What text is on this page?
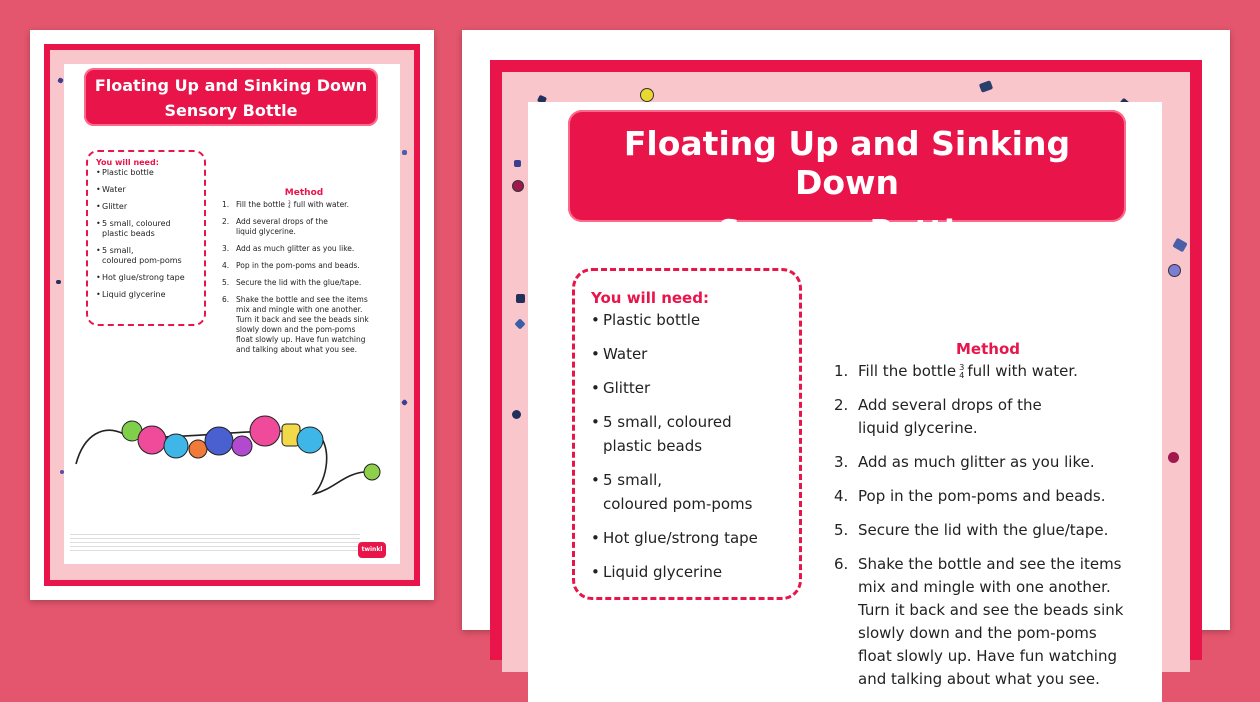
Floating Up and Sinking Down
Sensory Bottle
You will need:
• Plastic bottle
• Water
• Glitter
• 5 small, coloured
plastic beads
• 5 small,
coloured pom-poms
• Hot glue/strong tape
• Liquid glycerine
Method
1. Fill the bottle 3
4 full with water.
2. Add several drops of the
liquid glycerine.
3. Add as much glitter as you like.
4. Pop in the pom-poms and beads.
5. Secure the lid with the glue/tape.
6. Shake the bottle and see the items
mix and mingle with one another.
Turn it back and see the beads sink
slowly down and the pom-poms
float slowly up. Have fun watching
and talking about what you see.
twinkl
Floating Up and Sinking Down
Sensory Bottle
You will need:
• Plastic bottle
• Water
• Glitter
• 5 small, coloured
plastic beads
• 5 small,
coloured pom-poms
• Hot glue/strong tape
• Liquid glycerine
Method
1. Fill the bottle 3
4 full with water.
2. Add several drops of the
liquid glycerine.
3. Add as much glitter as you like.
4. Pop in the pom-poms and beads.
5. Secure the lid with the glue/tape.
6. Shake the bottle and see the items
mix and mingle with one another.
Turn it back and see the beads sink
slowly down and the pom-poms
float slowly up. Have fun watching
and talking about what you see.
